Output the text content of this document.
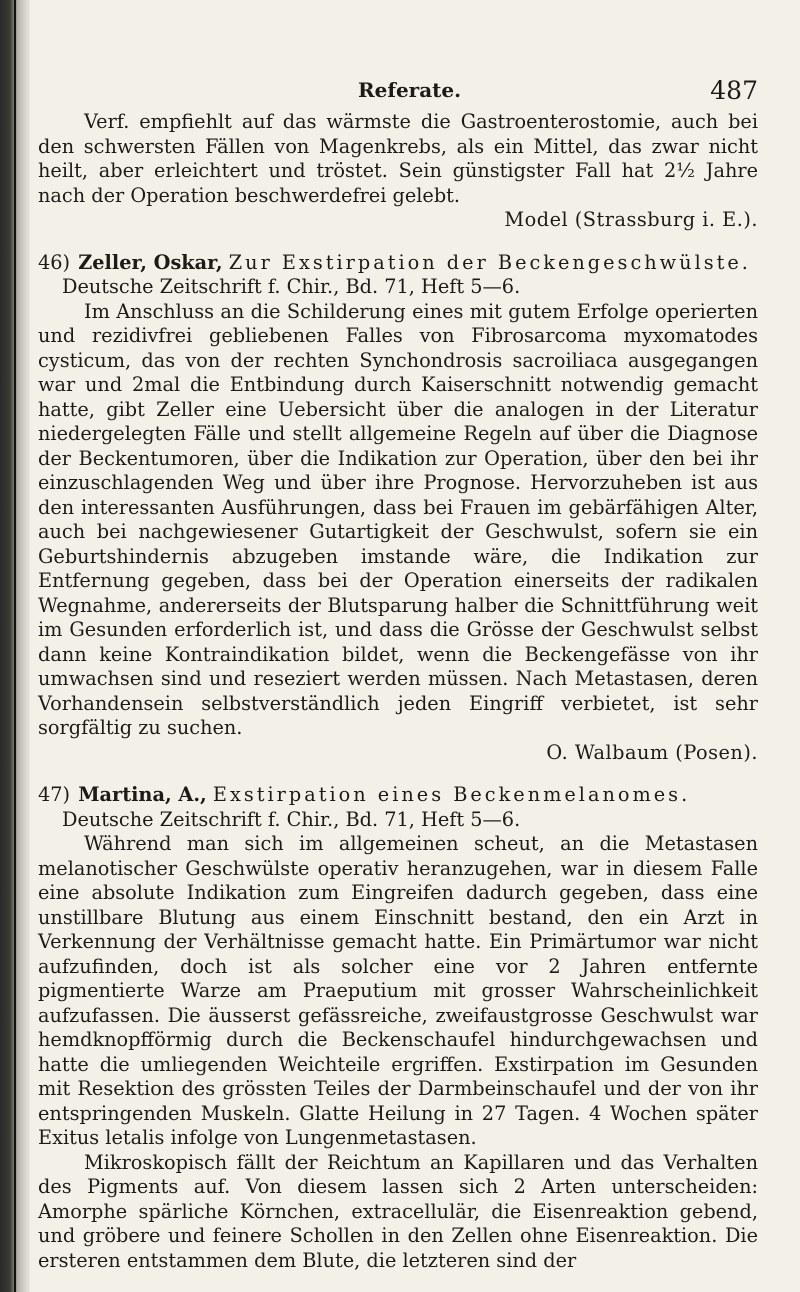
Referate.	487

Verf. empfiehlt auf das wärmste die Gastroenterostomie, auch bei den schwersten Fällen von Magenkrebs, als ein Mittel, das zwar nicht heilt, aber erleichtert und tröstet. Sein günstigster Fall hat 2½ Jahre nach der Operation beschwerdefrei gelebt.

Model (Strassburg i. E.).
46) Zeller, Oskar, Zur Exstirpation der Beckengeschwülste.
Deutsche Zeitschrift f. Chir., Bd. 71, Heft 5—6.

Im Anschluss an die Schilderung eines mit gutem Erfolge operierten und rezidivfrei gebliebenen Falles von Fibrosarcoma myxomatodes cysticum, das von der rechten Synchondrosis sacroiliaca ausgegangen war und 2mal die Entbindung durch Kaiserschnitt notwendig gemacht hatte, gibt Zeller eine Uebersicht über die analogen in der Literatur niedergelegten Fälle und stellt allgemeine Regeln auf über die Diagnose der Beckentumoren, über die Indikation zur Operation, über den bei ihr einzuschlagenden Weg und über ihre Prognose. Hervorzuheben ist aus den interessanten Ausführungen, dass bei Frauen im gebärfähigen Alter, auch bei nachgewiesener Gutartigkeit der Geschwulst, sofern sie ein Geburtshindernis abzugeben imstande wäre, die Indikation zur Entfernung gegeben, dass bei der Operation einerseits der radikalen Wegnahme, andererseits der Blutsparung halber die Schnittführung weit im Gesunden erforderlich ist, und dass die Grösse der Geschwulst selbst dann keine Kontraindikation bildet, wenn die Beckengefässe von ihr umwachsen sind und reseziert werden müssen. Nach Metastasen, deren Vorhandensein selbstverständlich jeden Eingriff verbietet, ist sehr sorgfältig zu suchen.

O. Walbaum (Posen).
47) Martina, A., Exstirpation eines Beckenmelanomes.
Deutsche Zeitschrift f. Chir., Bd. 71, Heft 5—6.

Während man sich im allgemeinen scheut, an die Metastasen melanotischer Geschwülste operativ heranzugehen, war in diesem Falle eine absolute Indikation zum Eingreifen dadurch gegeben, dass eine unstillbare Blutung aus einem Einschnitt bestand, den ein Arzt in Verkennung der Verhältnisse gemacht hatte. Ein Primärtumor war nicht aufzufinden, doch ist als solcher eine vor 2 Jahren entfernte pigmentierte Warze am Praeputium mit grosser Wahrscheinlichkeit aufzufassen. Die äusserst gefässreiche, zweifaustgrosse Geschwulst war hemdknopfförmig durch die Beckenschaufel hindurchgewachsen und hatte die umliegenden Weichteile ergriffen. Exstirpation im Gesunden mit Resektion des grössten Teiles der Darmbeinschaufel und der von ihr entspringenden Muskeln. Glatte Heilung in 27 Tagen. 4 Wochen später Exitus letalis infolge von Lungenmetastasen.

Mikroskopisch fällt der Reichtum an Kapillaren und das Verhalten des Pigments auf. Von diesem lassen sich 2 Arten unterscheiden: Amorphe spärliche Körnchen, extracellulär, die Eisenreaktion gebend, und gröbere und feinere Schollen in den Zellen ohne Eisenreaktion. Die ersteren entstammen dem Blute, die letzteren sind der
